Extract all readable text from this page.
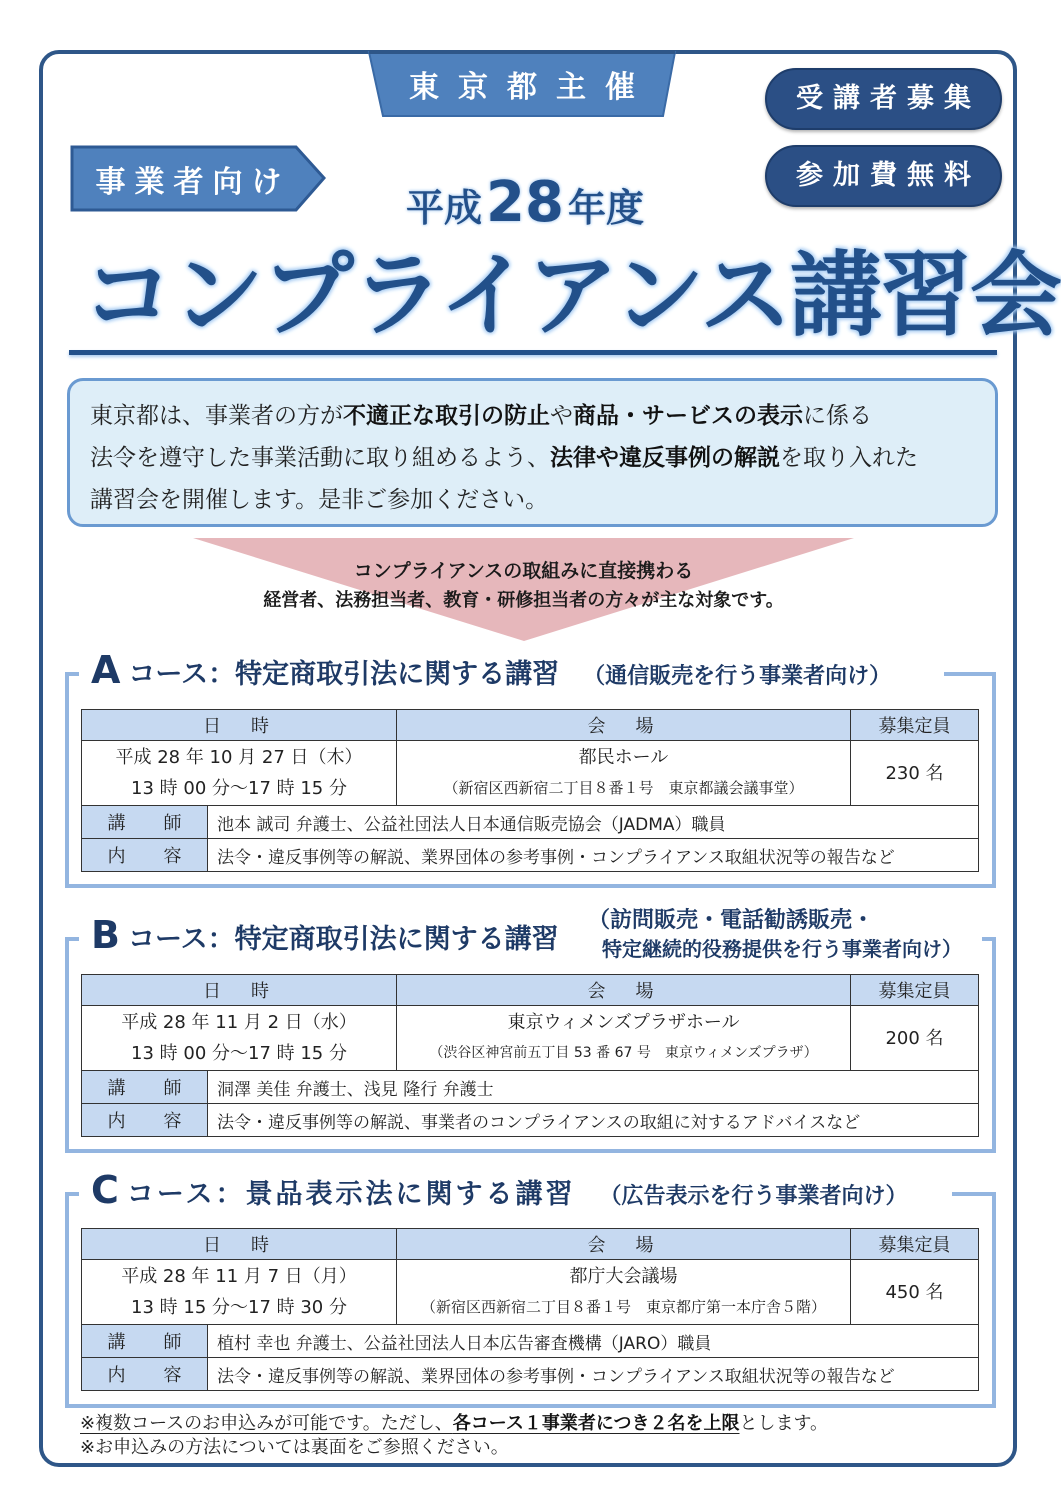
東京都主催
事業者向け
受講者募集
参加費無料
平成28 年度
コンプライアンス講習会
東京都は、事業者の方が不適正な取引の防止や商品・サービスの表示に係る
法令を遵守した事業活動に取り組めるよう、法律や違反事例の解説を取り入れた
講習会を開催します。是非ご参加ください。
コンプライアンスの取組みに直接携わる
経営者、法務担当者、教育・研修担当者の方々が主な対象です。
A コース：特定商取引法に関する講習 （通信販売を行う事業者向け）
日　時		会　場	募集定員

平成 28 年 10 月 27 日（木）
13 時 00 分～17 時 15 分

都民ホール
（新宿区西新宿二丁目８番１号　東京都議会議事堂）
	230 名
講　師	池本 誠司 弁護士、公益社団法人日本通信販売協会（JADMA）職員		
内　容	法令・違反事例等の解説、業界団体の参考事例・コンプライアンス取組状況等の報告など		
B コース：特定商取引法に関する講習
（訪問販売・電話勧誘販売・
特定継続的役務提供を行う事業者向け）
日　時		会　場	募集定員

平成 28 年 11 月 2 日（水）
13 時 00 分～17 時 15 分

東京ウィメンズプラザホール
（渋谷区神宮前五丁目 53 番 67 号　東京ウィメンズプラザ）
	200 名
講　師	洞澤 美佳 弁護士、浅見 隆行 弁護士		
内　容	法令・違反事例等の解説、事業者のコンプライアンスの取組に対するアドバイスなど		
C コース：景品表示法に関する講習 （広告表示を行う事業者向け）
日　時		会　場	募集定員

平成 28 年 11 月 7 日（月）
13 時 15 分～17 時 30 分

都庁大会議場
（新宿区西新宿二丁目８番１号　東京都庁第一本庁舎５階）
	450 名
講　師	植村 幸也 弁護士、公益社団法人日本広告審査機構（JARO）職員		
内　容	法令・違反事例等の解説、業界団体の参考事例・コンプライアンス取組状況等の報告など		
※複数コースのお申込みが可能です。ただし、各コース１事業者につき２名を上限とします。
※お申込みの方法については裏面をご参照ください。
